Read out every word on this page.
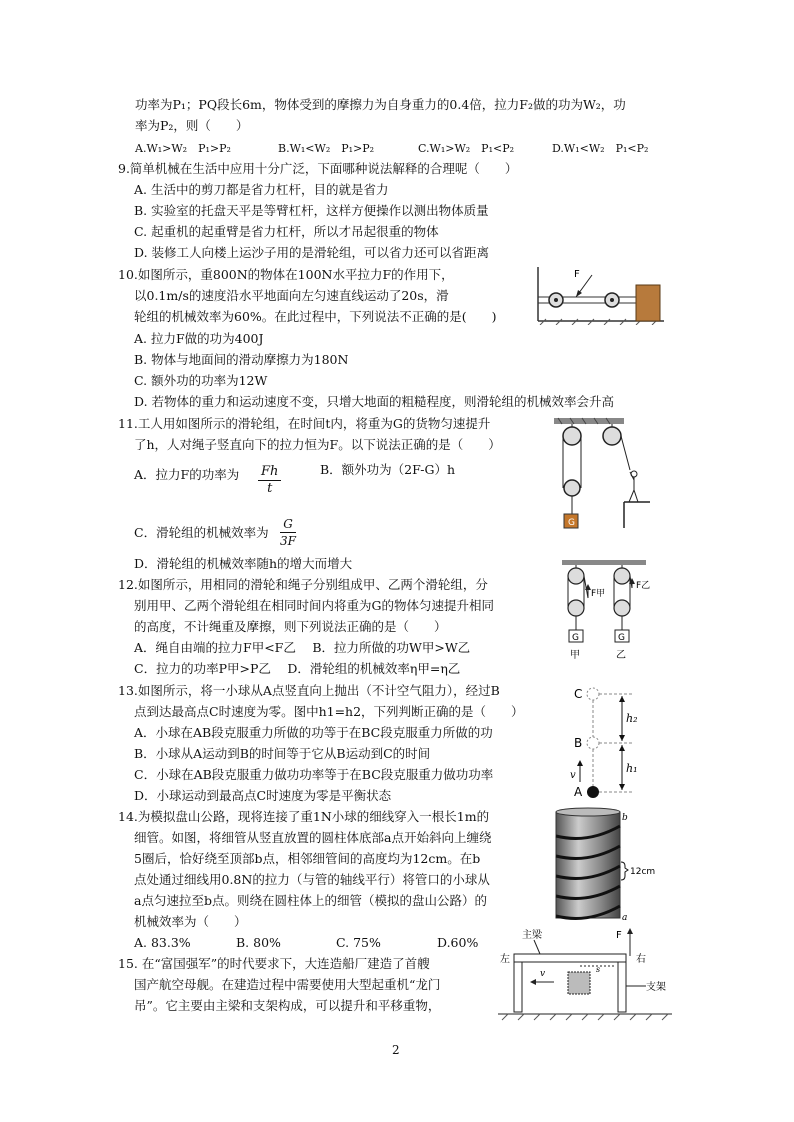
功率为P₁；PQ段长6m，物体受到的摩擦力为自身重力的0.4倍，拉力F₂做的功为W₂，功
率为P₂，则（　　）
A.W₁>W₂　P₁>P₂	B.W₁<W₂　P₁>P₂	C.W₁>W₂　P₁<P₂	D.W₁<W₂　P₁<P₂
9.简单机械在生活中应用十分广泛，下面哪种说法解释的合理呢（　　）
A. 生活中的剪刀都是省力杠杆，目的就是省力
B. 实验室的托盘天平是等臂杠杆，这样方便操作以测出物体质量
C. 起重机的起重臂是省力杠杆，所以才吊起很重的物体
D. 装修工人向楼上运沙子用的是滑轮组，可以省力还可以省距离
10.如图所示，重800N的物体在100N水平拉力F的作用下，
以0.1m/s的速度沿水平地面向左匀速直线运动了20s，滑
轮组的机械效率为60%。在此过程中，下列说法不正确的是(　　)
A. 拉力F做的功为400J
B. 物体与地面间的滑动摩擦力为180N
C. 额外功的功率为12W
D. 若物体的重力和运动速度不变，只增大地面的粗糙程度，则滑轮组的机械效率会升高
F
11.工人用如图所示的滑轮组，在时间t内，将重为G的货物匀速提升
了h，人对绳子竖直向下的拉力恒为F。以下说法正确的是（　　）
A．拉力F的功率为 $\frac{Fh}{t}$	B．额外功为（2F-G）h
C．滑轮组的机械效率为 $\frac{G}{3F}$
D．滑轮组的机械效率随h的增大而增大
G
12.如图所示，用相同的滑轮和绳子分别组成甲、乙两个滑轮组，分
别用甲、乙两个滑轮组在相同时间内将重为G的物体匀速提升相同
的高度，不计绳重及摩擦，则下列说法正确的是（　　）
A．绳自由端的拉力F甲<F乙　 B．拉力所做的功W甲>W乙
C．拉力的功率P甲>P乙　 D．滑轮组的机械效率η甲=η乙
F甲
F乙
G	G
甲	乙
13.如图所示，将一小球从A点竖直向上抛出（不计空气阻力），经过B
点到达最高点C时速度为零。图中h1=h2，下列判断正确的是（　　）
A．小球在AB段克服重力所做的功等于在BC段克服重力所做的功
B．小球从A运动到B的时间等于它从B运动到C的时间
C．小球在AB段克服重力做功功率等于在BC段克服重力做功功率
D．小球运动到最高点C时速度为零是平衡状态
C
B
A
v
h₂
h₁
14.为模拟盘山公路，现将连接了重1N小球的细线穿入一根长1m的
细管。如图，将细管从竖直放置的圆柱体底部a点开始斜向上缠绕
5圈后，恰好绕至顶部b点，相邻细管间的高度均为12cm。在b
点处通过细线用0.8N的拉力（与管的轴线平行）将管口的小球从
a点匀速拉至b点。则绕在圆柱体上的细管（模拟的盘山公路）的
机械效率为（　　）
A. 83.3%	B. 80%	C. 75%	D.60%
b
a
12cm
15. 在“富国强军”的时代要求下，大连造船厂建造了首艘
国产航空母舰。在建造过程中需要使用大型起重机“龙门
吊”。它主要由主梁和支架构成，可以提升和平移重物，
主梁	F
左	右
支架
s
v
2
